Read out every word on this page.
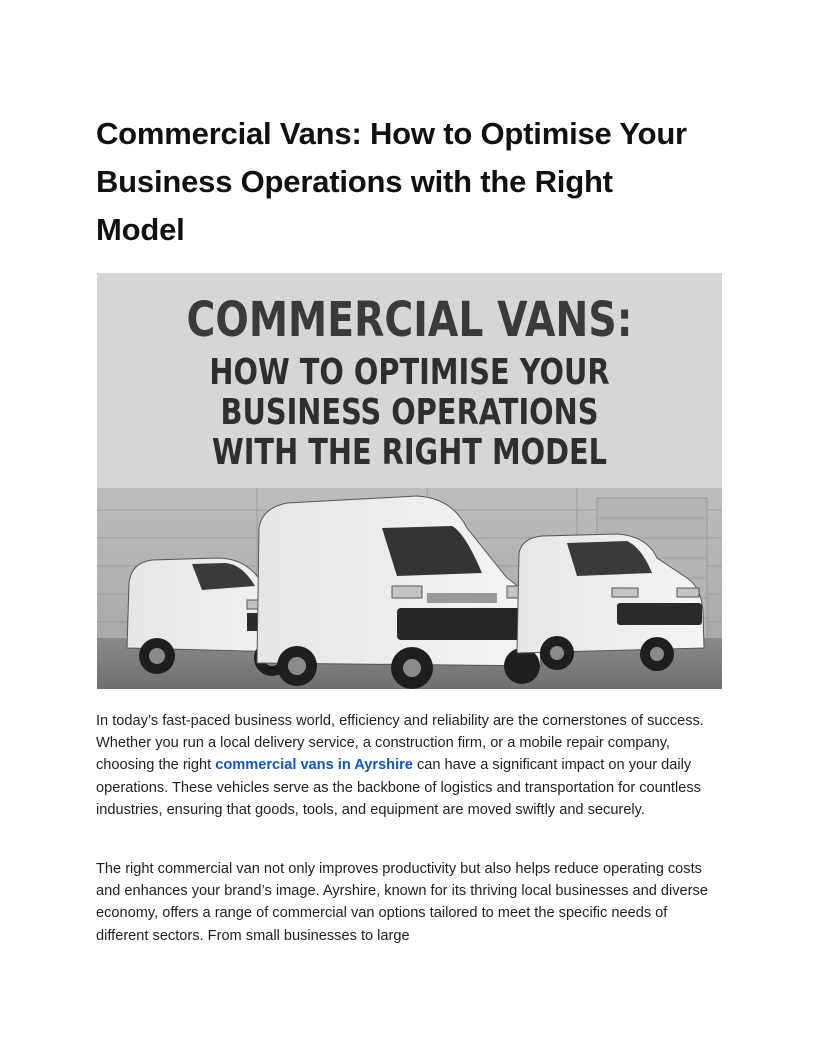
Commercial Vans: How to Optimise Your Business Operations with the Right Model
COMMERCIAL VANS:
HOW TO OPTIMISE YOUR
BUSINESS OPERATIONS
WITH THE RIGHT MODEL

In today’s fast-paced business world, efficiency and reliability are the cornerstones of success. Whether you run a local delivery service, a construction firm, or a mobile repair company, choosing the right commercial vans in Ayrshire can have a significant impact on your daily operations. These vehicles serve as the backbone of logistics and transportation for countless industries, ensuring that goods, tools, and equipment are moved swiftly and securely.

The right commercial van not only improves productivity but also helps reduce operating costs and enhances your brand’s image. Ayrshire, known for its thriving local businesses and diverse economy, offers a range of commercial van options tailored to meet the specific needs of different sectors. From small businesses to large
